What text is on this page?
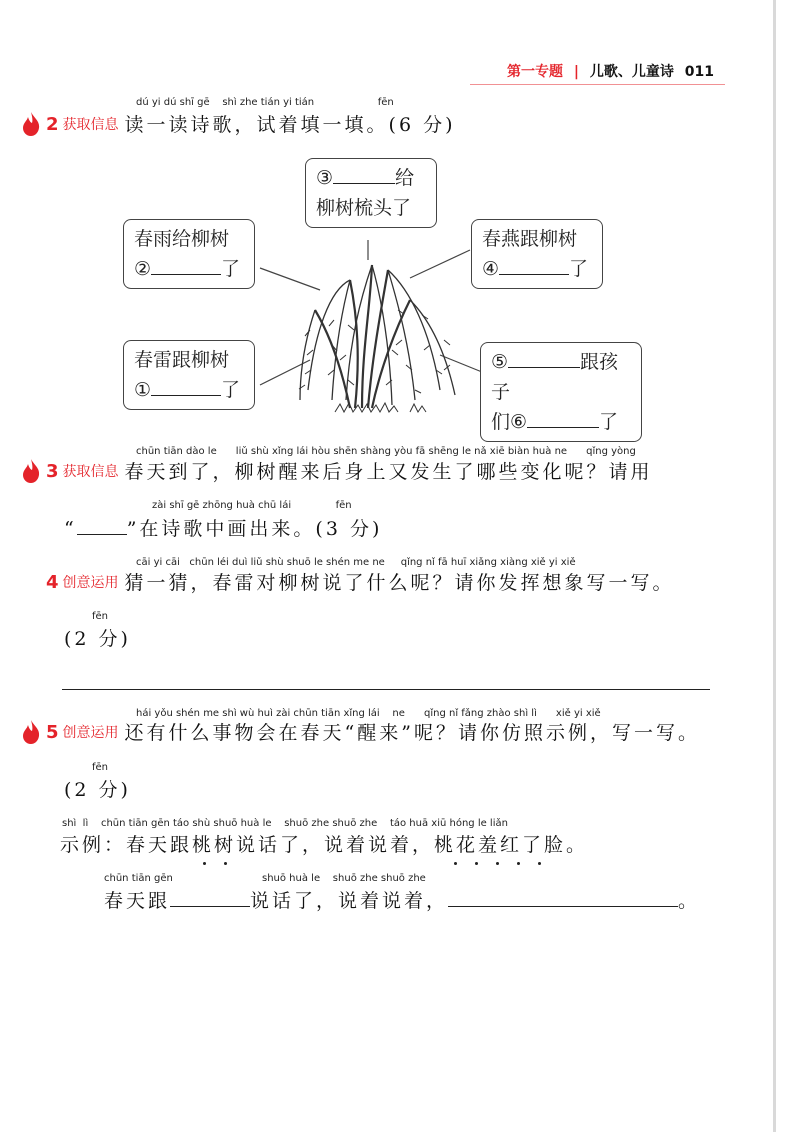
第一专题 | 儿歌、儿童诗 011
dú yi dú shī gē    shì zhe tián yi tián                    fēn
2 获取信息 读一读诗歌，试着填一填。(6 分)
③	给
柳树梳头了
春雨给柳树
②	了
春燕跟柳树
④	了
春雷跟柳树
①	了
⑤	跟孩子
们⑥	了
chūn tiān dào le      liǔ shù xǐng lái hòu shēn shàng yòu fā shēng le nǎ xiē biàn huà ne      qǐng yòng
3 获取信息 春天到了，柳树醒来后身上又发生了哪些变化呢？请用
zài shī gē zhōng huà chū lái              fēn
“	”在诗歌中画出来。(3 分)
cāi yi cāi   chūn léi duì liǔ shù shuō le shén me ne     qǐng nǐ fā huī xiǎng xiàng xiě yi xiě
4 创意运用 猜一猜，春雷对柳树说了什么呢？请你发挥想象写一写。
fēn
(2 分)
hái yǒu shén me shì wù huì zài chūn tiān xǐng lái    ne      qǐng nǐ fǎng zhào shì lì      xiě yi xiě
5 创意运用 还有什么事物会在春天“醒来”呢？请你仿照示例，写一写。
fēn
(2 分)
shì  lì    chūn tiān gēn táo shù shuō huà le    shuō zhe shuō zhe    táo huā xiū hóng le liǎn
示例：春天跟桃树说话了，说着说着，桃花羞红了脸。
chūn tiān gēn	shuō huà le    shuō zhe shuō zhe
春天跟	说话了，说着说着，	。
